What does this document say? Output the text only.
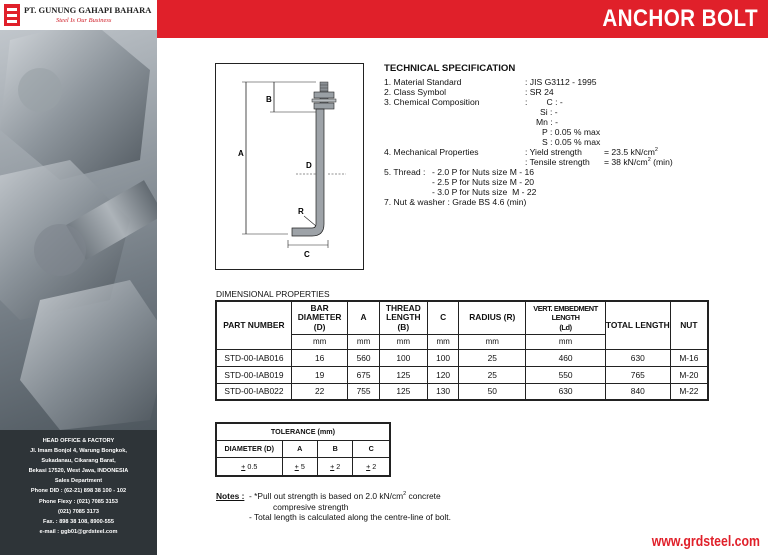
PT. GUNUNG GAHAPI BAHARA
Steel Is Our Business
HEAD OFFICE & FACTORY
Jl. Imam Bonjol 4, Warung Bongkok,
Sukadanau, Cikarang Barat,
Bekasi 17520, West Java, INDONESIA
Sales Department
Phone DID : (62-21) 898 38 100 - 102
Phone Flexy : (021) 7085 3153
(021) 7085 3173
Fax. : 898 38 108, 8900-555
e-mail : ggb01@grdsteel.com
ANCHOR BOLT
A
B
D
R
C
TECHNICAL SPECIFICATION
1. Material Standard	: JIS G3112 - 1995
2. Class Symbol	: SR 24
3. Chemical Composition	:        C : -
Si : -
Mn : -
P : 0.05 % max
S : 0.05 % max
4. Mechanical Properties	: Yield strength	= 23.5 $kN/cm^2$
: Tensile strength = 38 $kN/cm^2$ (min)
5. Thread : - 2.0 P for Nuts size M - 16
- 2.5 P for Nuts size M - 20
- 3.0 P for Nuts size  M - 22
7. Nut & washer : Grade BS 4.6 (min)
DIMENSIONAL PROPERTIES
PART NUMBER	BAR DIAMETER (D)	A	THREAD LENGTH (B)	C	RADIUS (R)	VERT. EMBEDMENT
LENGTH
(Ld)	TOTAL LENGTH	NUT
	mm	mm	mm	mm	mm	mm		
STD-00-IAB016	16	560	100	100	25	460	630	M-16
STD-00-IAB019	19	675	125	120	25	550	765	M-20
STD-00-IAB022	22	755	125	130	50	630	840	M-22
TOLERANCE (mm)			
DIAMETER (D)	A	B	C
+ 0.5	+ 5	+ 2	+ 2
Notes :  - *Pull out strength is based on 2.0 $kN/cm^2$ concrete
compresive strength
- Total length is calculated along the centre-line of bolt.
www.grdsteel.com
